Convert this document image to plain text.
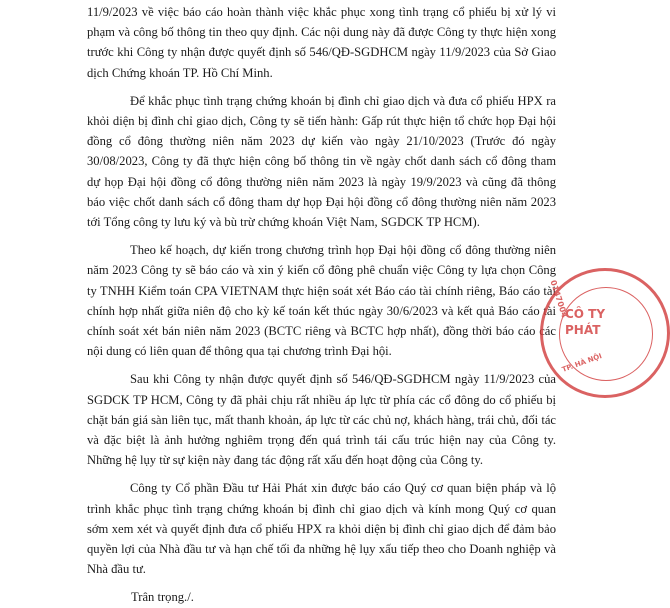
11/9/2023 về việc báo cáo hoàn thành việc khắc phục xong tình trạng cổ phiếu bị xử lý vi phạm và công bố thông tin theo quy định. Các nội dung này đã được Công ty thực hiện xong trước khi Công ty nhận được quyết định số 546/QĐ-SGDHCM ngày 11/9/2023 của Sở Giao dịch Chứng khoán TP. Hồ Chí Minh.

Để khắc phục tình trạng chứng khoán bị đình chỉ giao dịch và đưa cổ phiếu HPX ra khỏi diện bị đình chỉ giao dịch, Công ty sẽ tiến hành: Gấp rút thực hiện tổ chức họp Đại hội đồng cổ đông thường niên năm 2023 dự kiến vào ngày 21/10/2023 (Trước đó ngày 30/08/2023, Công ty đã thực hiện công bố thông tin về ngày chốt danh sách cổ đông tham dự họp Đại hội đồng cổ đông thường niên năm 2023 là ngày 19/9/2023 và cũng đã thông báo việc chốt danh sách cổ đông tham dự họp Đại hội đồng cổ đông thường niên năm 2023 tới Tổng công ty lưu ký và bù trừ chứng khoán Việt Nam, SGDCK TP HCM).

Theo kế hoạch, dự kiến trong chương trình họp Đại hội đồng cổ đông thường niên năm 2023 Công ty sẽ báo cáo và xin ý kiến cổ đông phê chuẩn việc Công ty lựa chọn Công ty TNHH Kiểm toán CPA VIETNAM thực hiện soát xét Báo cáo tài chính riêng, Báo cáo tài chính hợp nhất giữa niên độ cho kỳ kế toán kết thúc ngày 30/6/2023 và kết quả Báo cáo tài chính soát xét bán niên năm 2023 (BCTC riêng và BCTC hợp nhất), đồng thời báo cáo các nội dung có liên quan để thông qua tại chương trình Đại hội.

Sau khi Công ty nhận được quyết định số 546/QĐ-SGDHCM ngày 11/9/2023 của SGDCK TP HCM, Công ty đã phải chịu rất nhiều áp lực từ phía các cổ đông do cổ phiếu bị chặt bán giá sàn liên tục, mất thanh khoản, áp lực từ các chủ nợ, khách hàng, trái chủ, đối tác và đặc biệt là ảnh hưởng nghiêm trọng đến quá trình tái cấu trúc hiện nay của Công ty. Những hệ lụy từ sự kiện này đang tác động rất xấu đến hoạt động của Công ty.

Công ty Cổ phần Đầu tư Hải Phát xin được báo cáo Quý cơ quan biện pháp và lộ trình khắc phục tình trạng chứng khoán bị đình chỉ giao dịch và kính mong Quý cơ quan sớm xem xét và quyết định đưa cổ phiếu HPX ra khỏi diện bị đình chỉ giao dịch để đảm bảo quyền lợi của Nhà đầu tư và hạn chế tối đa những hệ lụy xấu tiếp theo cho Doanh nghiệp và Nhà đầu tư.

Trân trọng./.

0147004
CÔ TY
PHÁT
TP. HÀ NỘI
